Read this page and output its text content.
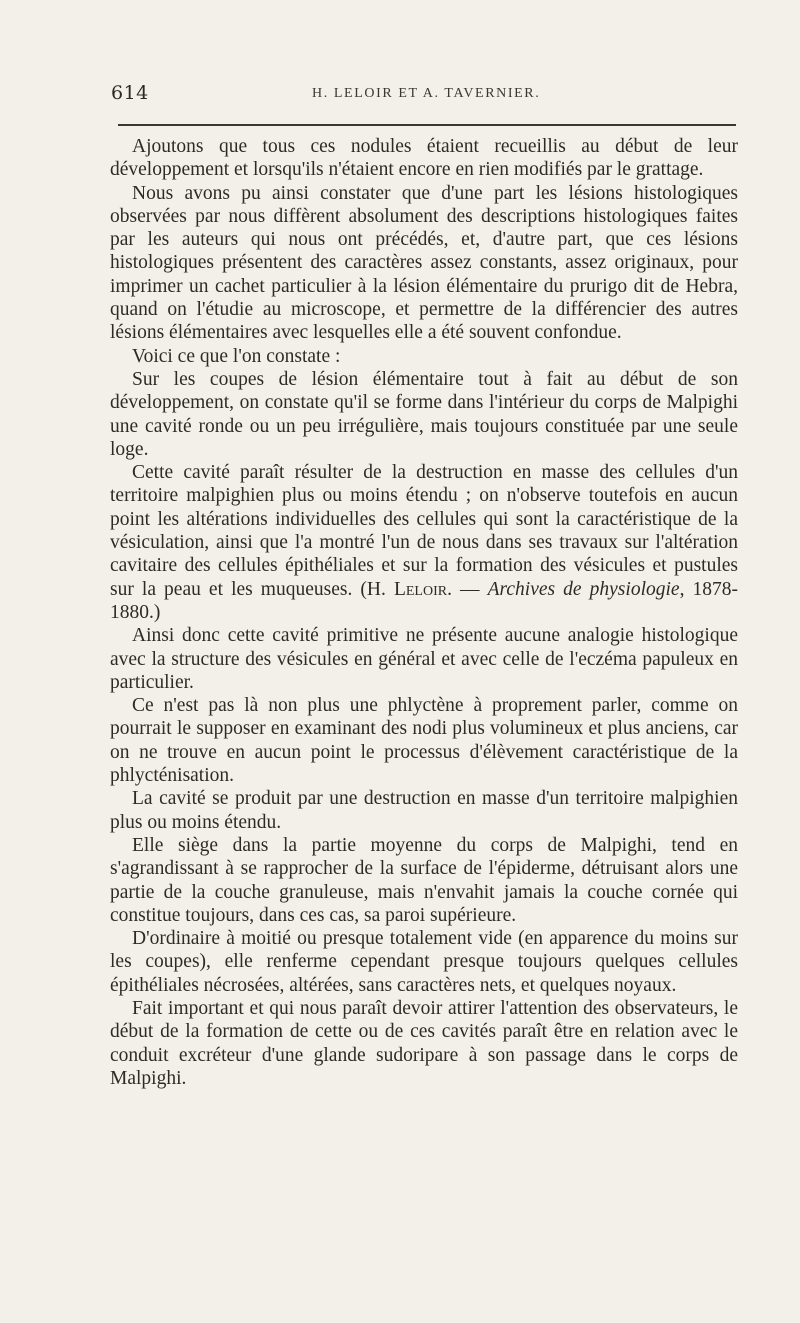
614	H. LELOIR ET A. TAVERNIER.

Ajoutons que tous ces nodules étaient recueillis au début de leur développement et lorsqu'ils n'étaient encore en rien modifiés par le grattage.

Nous avons pu ainsi constater que d'une part les lésions histologiques observées par nous diffèrent absolument des descriptions histologiques faites par les auteurs qui nous ont précédés, et, d'autre part, que ces lésions histologiques présentent des caractères assez constants, assez originaux, pour imprimer un cachet particulier à la lésion élémentaire du prurigo dit de Hebra, quand on l'étudie au microscope, et permettre de la différencier des autres lésions élémentaires avec lesquelles elle a été souvent confondue.

Voici ce que l'on constate :

Sur les coupes de lésion élémentaire tout à fait au début de son développement, on constate qu'il se forme dans l'intérieur du corps de Malpighi une cavité ronde ou un peu irrégulière, mais toujours constituée par une seule loge.

Cette cavité paraît résulter de la destruction en masse des cellules d'un territoire malpighien plus ou moins étendu ; on n'observe toutefois en aucun point les altérations individuelles des cellules qui sont la caractéristique de la vésiculation, ainsi que l'a montré l'un de nous dans ses travaux sur l'altération cavitaire des cellules épithéliales et sur la formation des vésicules et pustules sur la peau et les muqueuses. (H. Leloir. — Archives de physiologie, 1878-1880.)

Ainsi donc cette cavité primitive ne présente aucune analogie histologique avec la structure des vésicules en général et avec celle de l'eczéma papuleux en particulier.

Ce n'est pas là non plus une phlyctène à proprement parler, comme on pourrait le supposer en examinant des nodi plus volumineux et plus anciens, car on ne trouve en aucun point le processus d'élèvement caractéristique de la phlycténisation.

La cavité se produit par une destruction en masse d'un territoire malpighien plus ou moins étendu.

Elle siège dans la partie moyenne du corps de Malpighi, tend en s'agrandissant à se rapprocher de la surface de l'épiderme, détruisant alors une partie de la couche granuleuse, mais n'envahit jamais la couche cornée qui constitue toujours, dans ces cas, sa paroi supérieure.

D'ordinaire à moitié ou presque totalement vide (en apparence du moins sur les coupes), elle renferme cependant presque toujours quelques cellules épithéliales nécrosées, altérées, sans caractères nets, et quelques noyaux.

Fait important et qui nous paraît devoir attirer l'attention des observateurs, le début de la formation de cette ou de ces cavités paraît être en relation avec le conduit excréteur d'une glande sudoripare à son passage dans le corps de Malpighi.
